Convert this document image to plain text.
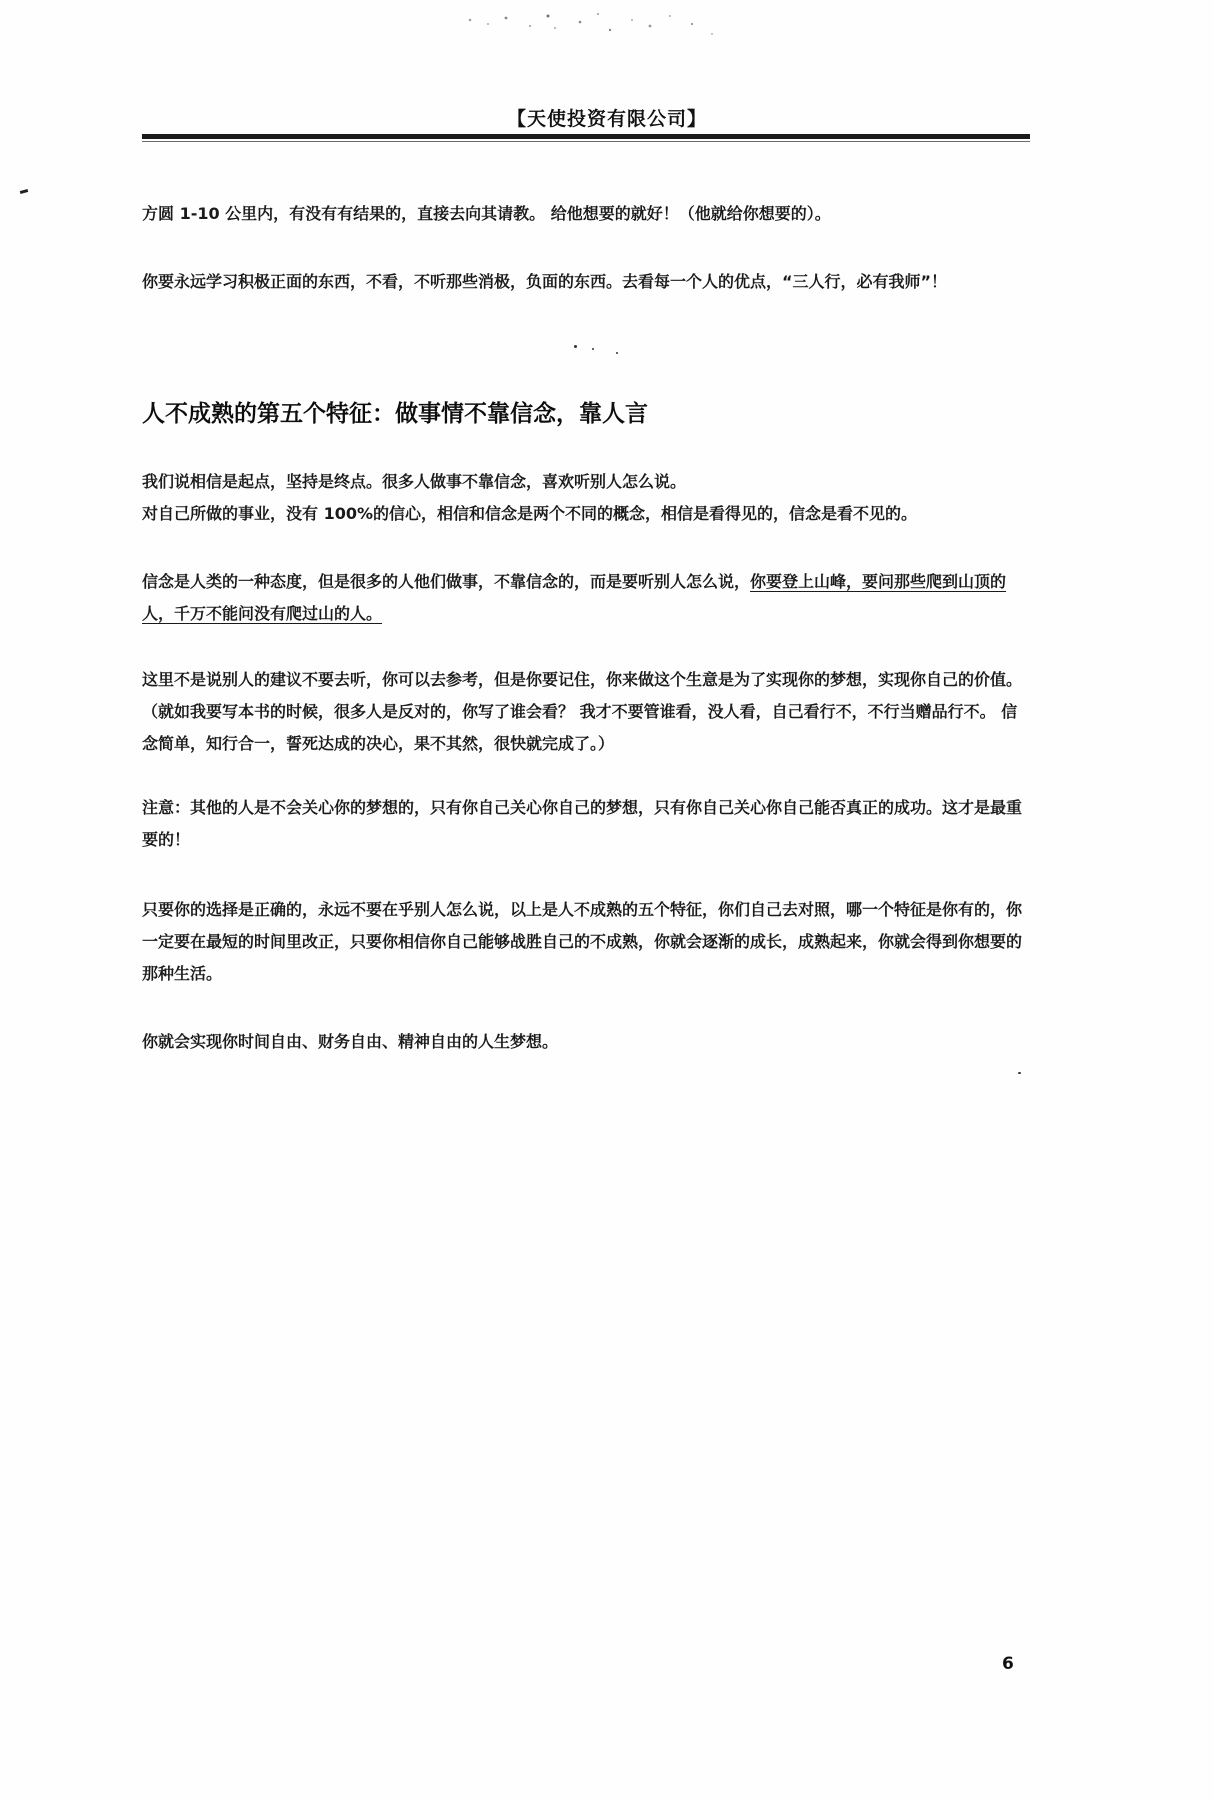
【天使投资有限公司】
方圆 1-10 公里内，有没有有结果的，直接去向其请教。 给他想要的就好！（他就给你想要的）。
你要永远学习积极正面的东西，不看，不听那些消极，负面的东西。去看每一个人的优点，“三人行，必有我师”！
人不成熟的第五个特征：做事情不靠信念，靠人言
我们说相信是起点，坚持是终点。很多人做事不靠信念，喜欢听别人怎么说。
对自己所做的事业，没有 100%的信心，相信和信念是两个不同的概念，相信是看得见的，信念是看不见的。
信念是人类的一种态度，但是很多的人他们做事，不靠信念的，而是要听别人怎么说，你要登上山峰，要问那些爬到山顶的人，千万不能问没有爬过山的人。
这里不是说别人的建议不要去听，你可以去参考，但是你要记住，你来做这个生意是为了实现你的梦想，实现你自己的价值。（就如我要写本书的时候，很多人是反对的，你写了谁会看？ 我才不要管谁看，没人看，自己看行不，不行当赠品行不。 信念简单，知行合一，誓死达成的决心，果不其然，很快就完成了。）
注意：其他的人是不会关心你的梦想的，只有你自己关心你自己的梦想，只有你自己关心你自己能否真正的成功。这才是最重要的！
只要你的选择是正确的，永远不要在乎别人怎么说，以上是人不成熟的五个特征，你们自己去对照，哪一个特征是你有的，你一定要在最短的时间里改正，只要你相信你自己能够战胜自己的不成熟，你就会逐渐的成长，成熟起来，你就会得到你想要的那种生活。
你就会实现你时间自由、财务自由、精神自由的人生梦想。
6
